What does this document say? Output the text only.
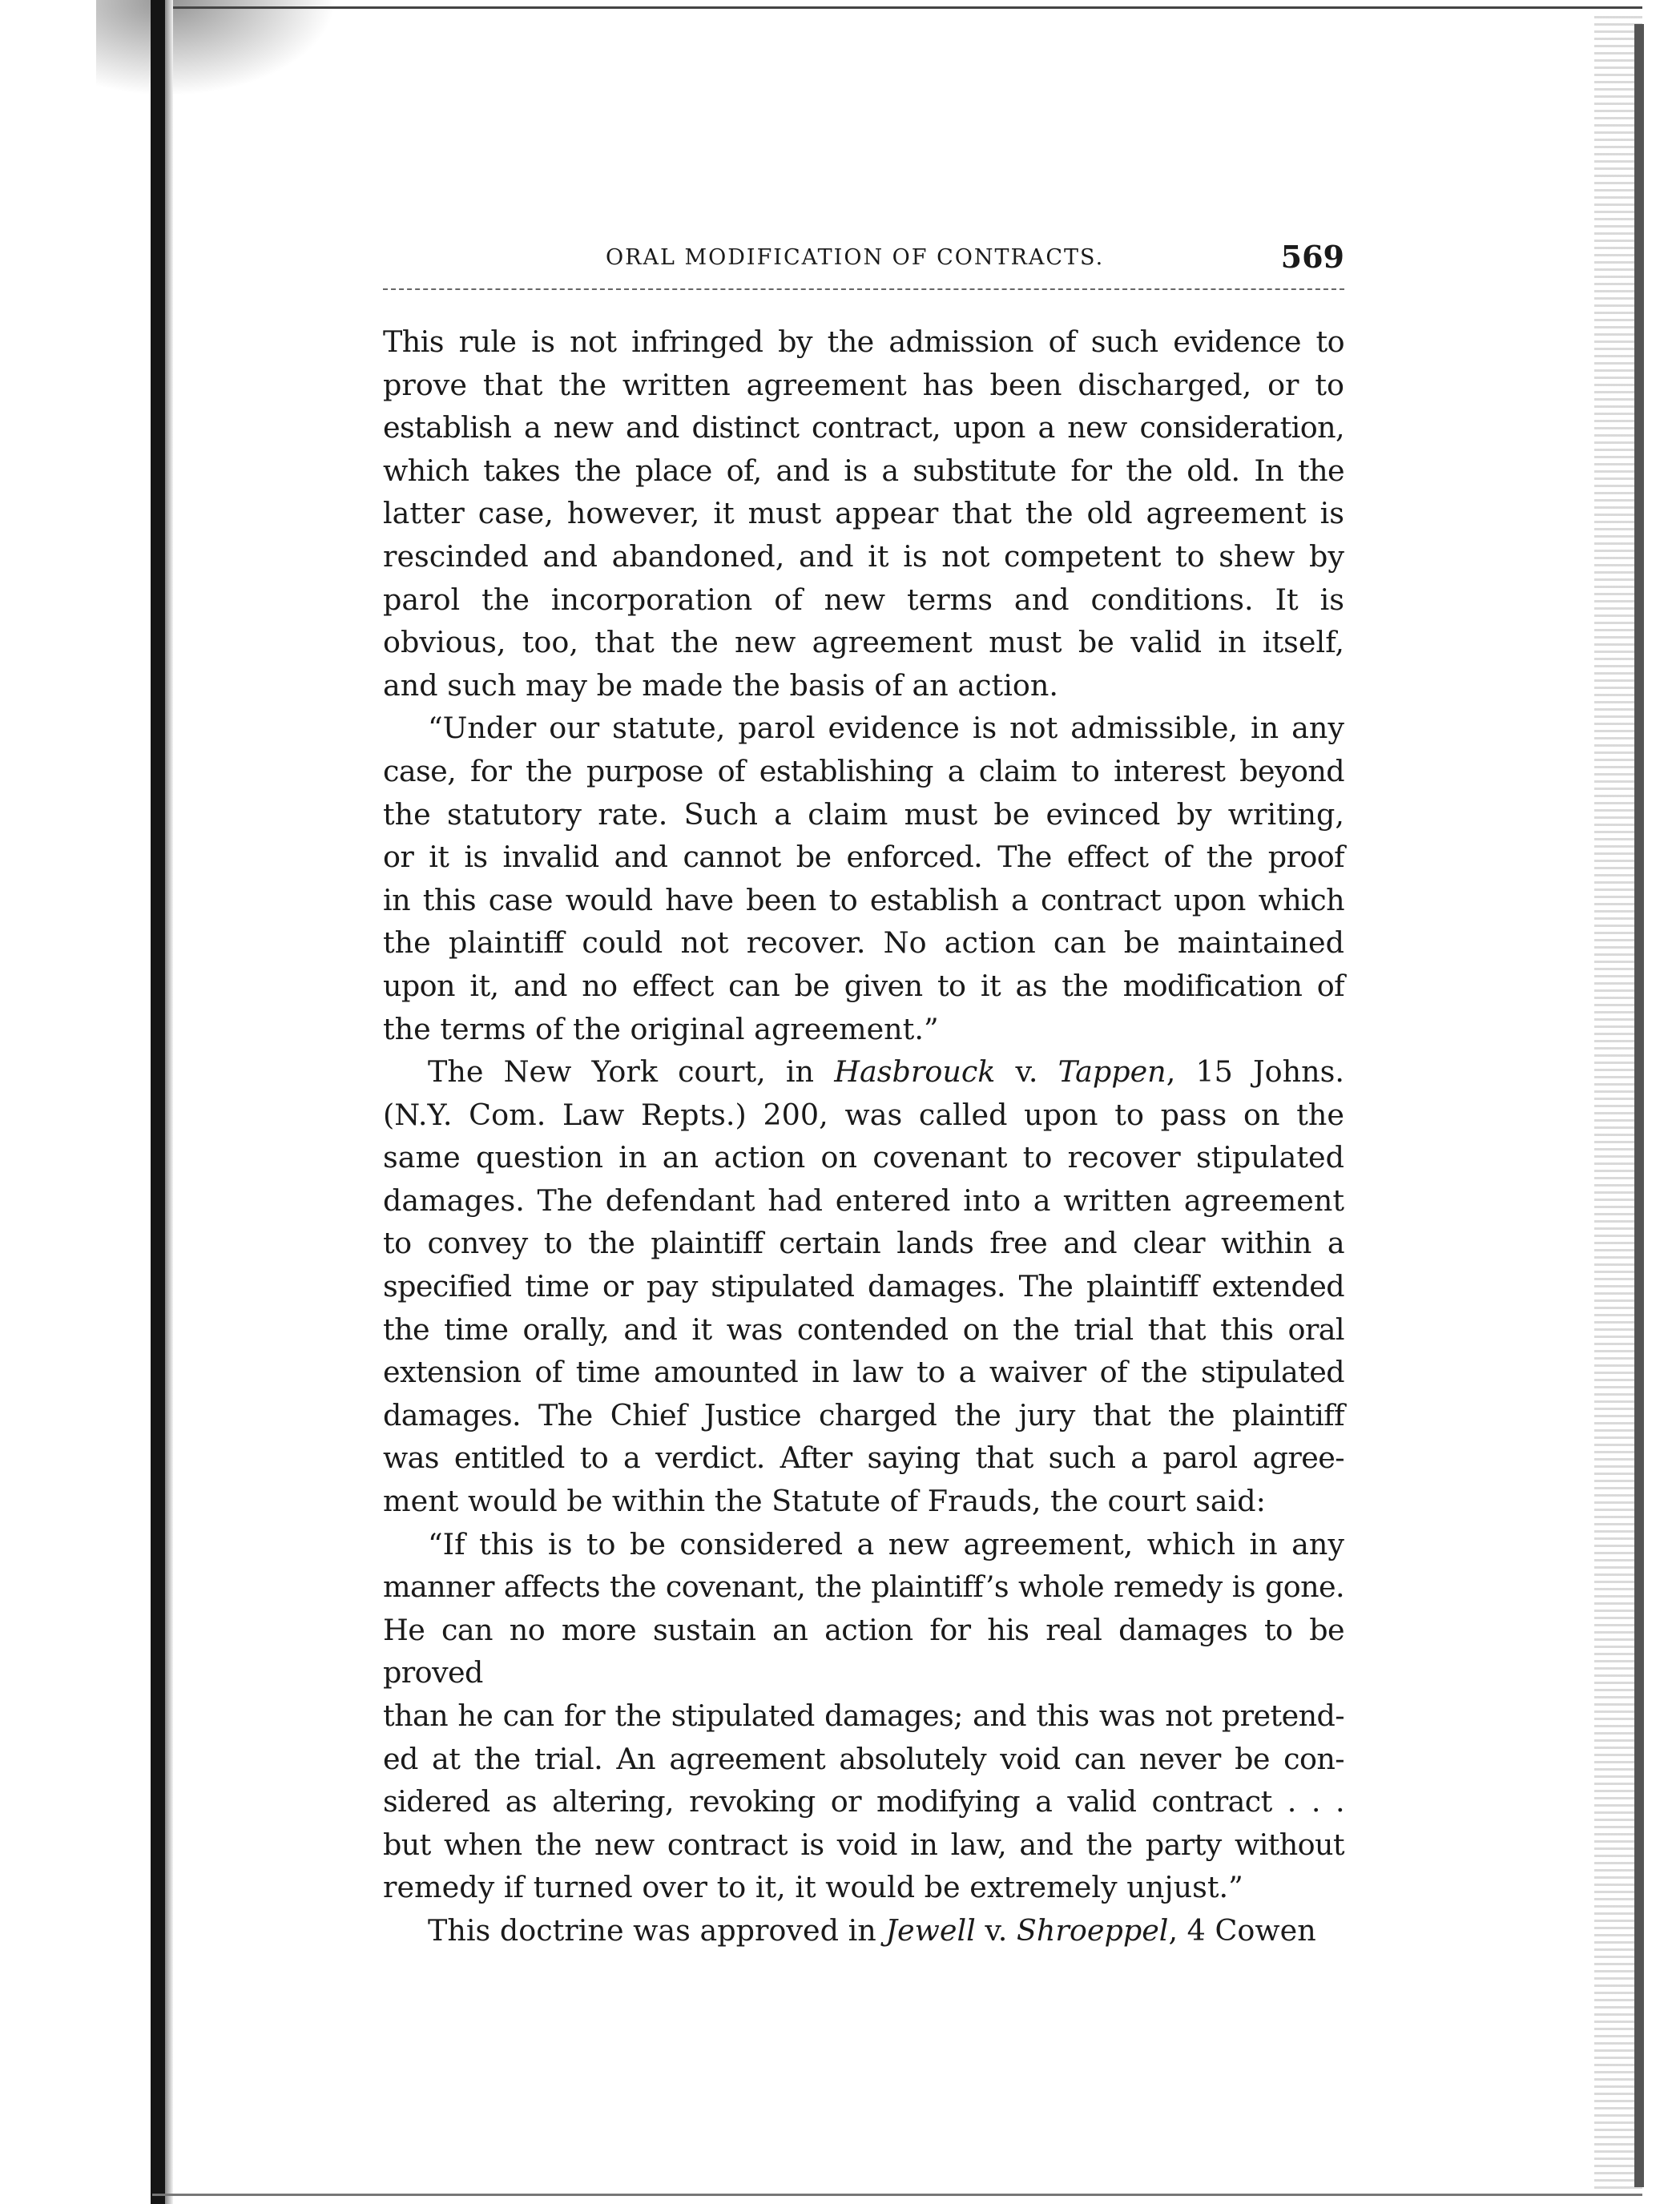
ORAL MODIFICATION OF CONTRACTS.	569
This rule is not infringed by the admission of such evidence to
prove that the written agreement has been discharged, or to
establish a new and distinct contract, upon a new consideration,
which takes the place of, and is a substitute for the old. In the
latter case, however, it must appear that the old agreement is
rescinded and abandoned, and it is not competent to shew by
parol the incorporation of new terms and conditions. It is
obvious, too, that the new agreement must be valid in itself,
and such may be made the basis of an action.
“Under our statute, parol evidence is not admissible, in any
case, for the purpose of establishing a claim to interest beyond
the statutory rate. Such a claim must be evinced by writing,
or it is invalid and cannot be enforced. The effect of the proof
in this case would have been to establish a contract upon which
the plaintiff could not recover. No action can be maintained
upon it, and no effect can be given to it as the modification of
the terms of the original agreement.”
The New York court, in Hasbrouck v. Tappen, 15 Johns.
(N.Y. Com. Law Repts.) 200, was called upon to pass on the
same question in an action on covenant to recover stipulated
damages. The defendant had entered into a written agreement
to convey to the plaintiff certain lands free and clear within a
specified time or pay stipulated damages. The plaintiff extended
the time orally, and it was contended on the trial that this oral
extension of time amounted in law to a waiver of the stipulated
damages. The Chief Justice charged the jury that the plaintiff
was entitled to a verdict. After saying that such a parol agree-
ment would be within the Statute of Frauds, the court said:
“If this is to be considered a new agreement, which in any
manner affects the covenant, the plaintiff’s whole remedy is gone.
He can no more sustain an action for his real damages to be proved
than he can for the stipulated damages; and this was not pretend-
ed at the trial. An agreement absolutely void can never be con-
sidered as altering, revoking or modifying a valid contract . . .
but when the new contract is void in law, and the party without
remedy if turned over to it, it would be extremely unjust.”
This doctrine was approved in Jewell v. Shroeppel, 4 Cowen
